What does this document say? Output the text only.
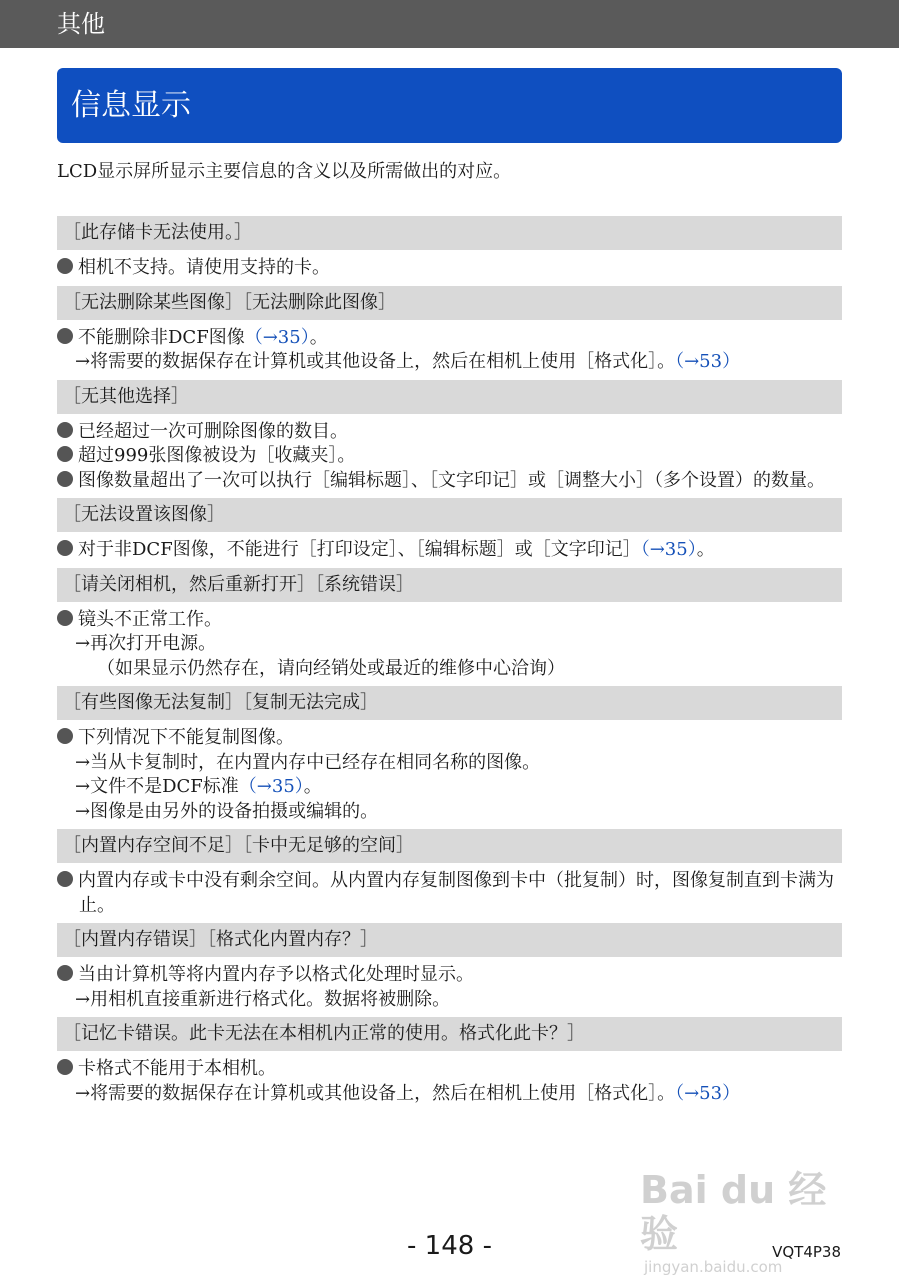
其他
信息显示
LCD显示屏所显示主要信息的含义以及所需做出的对应。
［此存储卡无法使用。］
相机不支持。请使用支持的卡。
［无法删除某些图像］［无法删除此图像］
不能删除非DCF图像（→35）。
→将需要的数据保存在计算机或其他设备上，然后在相机上使用［格式化］。（→53）
［无其他选择］
已经超过一次可删除图像的数目。
超过999张图像被设为［收藏夹］。
图像数量超出了一次可以执行［编辑标题］、［文字印记］或［调整大小］（多个设置）的数量。
［无法设置该图像］
对于非DCF图像，不能进行［打印设定］、［编辑标题］或［文字印记］（→35）。
［请关闭相机，然后重新打开］［系统错误］
镜头不正常工作。
→再次打开电源。
（如果显示仍然存在，请向经销处或最近的维修中心洽询）
［有些图像无法复制］［复制无法完成］
下列情况下不能复制图像。
→当从卡复制时，在内置内存中已经存在相同名称的图像。
→文件不是DCF标准（→35）。
→图像是由另外的设备拍摄或编辑的。
［内置内存空间不足］［卡中无足够的空间］
内置内存或卡中没有剩余空间。从内置内存复制图像到卡中（批复制）时，图像复制直到卡满为止。
［内置内存错误］［格式化内置内存？］
当由计算机等将内置内存予以格式化处理时显示。
→用相机直接重新进行格式化。数据将被删除。
［记忆卡错误。此卡无法在本相机内正常的使用。格式化此卡？］
卡格式不能用于本相机。
→将需要的数据保存在计算机或其他设备上，然后在相机上使用［格式化］。（→53）
Bai du 经验
jingyan.baidu.com
- 148 -	VQT4P38
